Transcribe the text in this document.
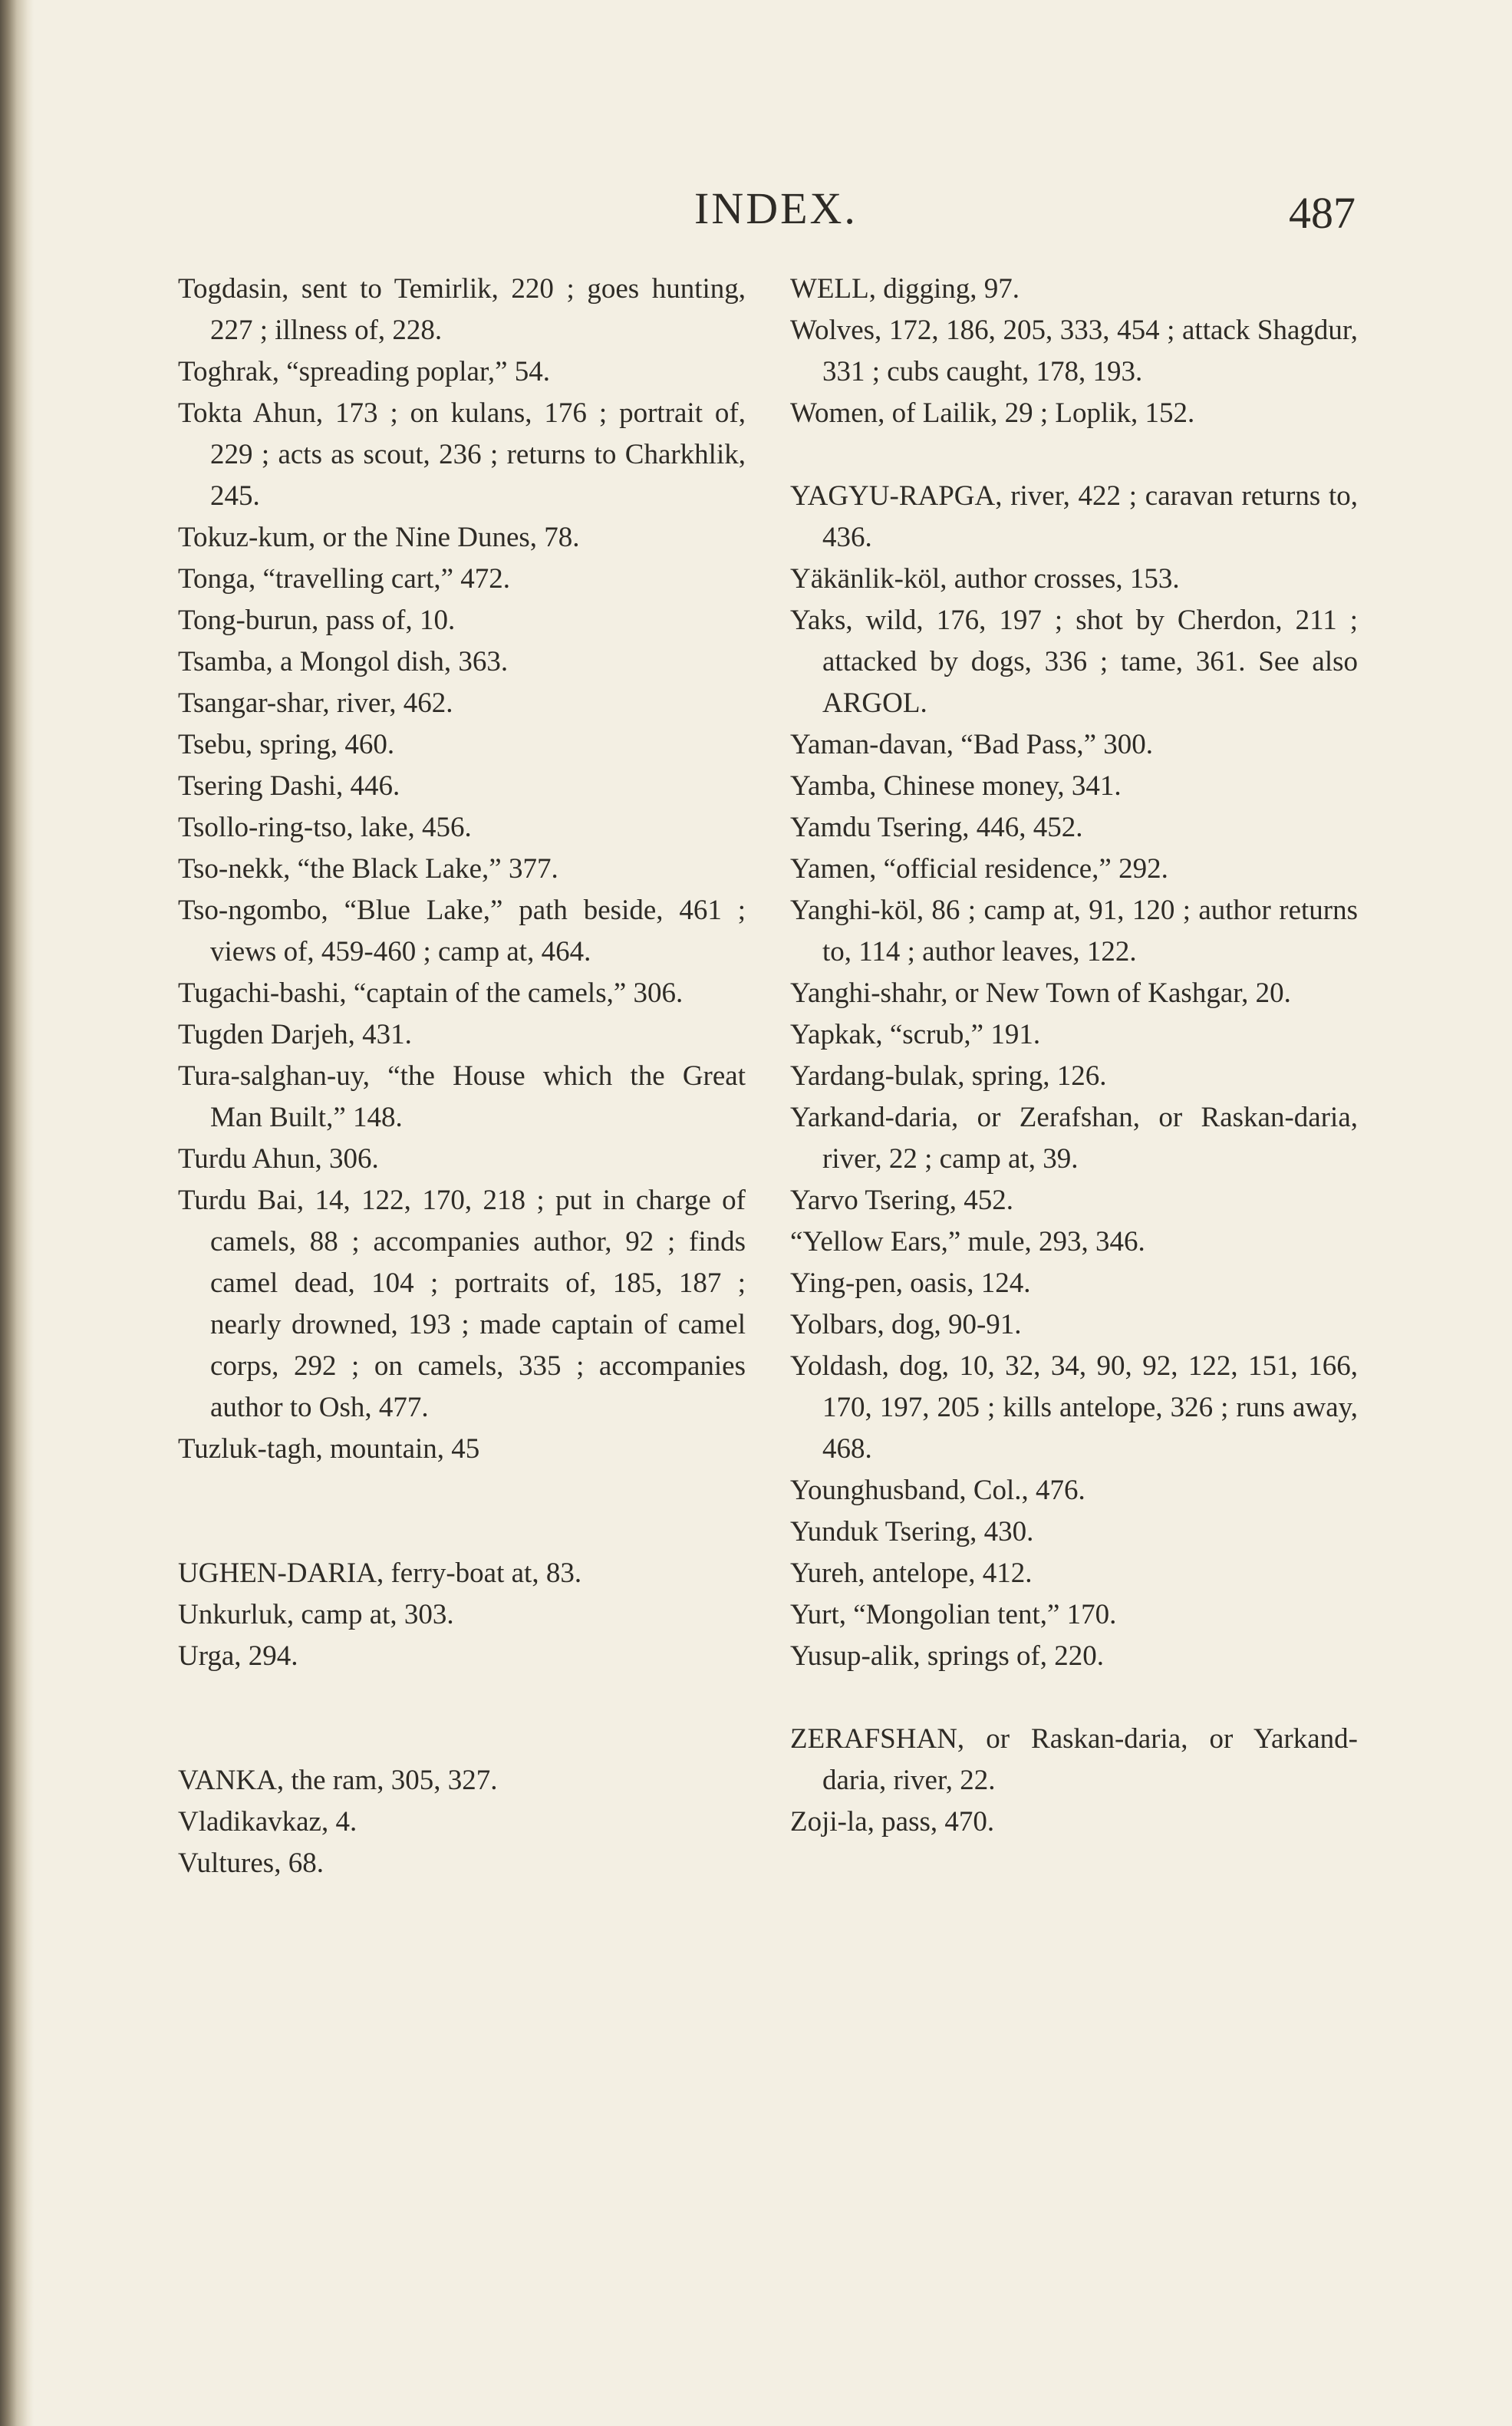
INDEX.	487
Togdasin, sent to Temirlik, 220 ; goes hunting, 227 ; illness of, 228.
Toghrak, “spreading poplar,” 54.
Tokta Ahun, 173 ; on kulans, 176 ; portrait of, 229 ; acts as scout, 236 ; returns to Charkhlik, 245.
Tokuz-kum, or the Nine Dunes, 78.
Tonga, “travelling cart,” 472.
Tong-burun, pass of, 10.
Tsamba, a Mongol dish, 363.
Tsangar-shar, river, 462.
Tsebu, spring, 460.
Tsering Dashi, 446.
Tsollo-ring-tso, lake, 456.
Tso-nekk, “the Black Lake,” 377.
Tso-ngombo, “Blue Lake,” path beside, 461 ; views of, 459-460 ; camp at, 464.
Tugachi-bashi, “captain of the camels,” 306.
Tugden Darjeh, 431.
Tura-salghan-uy, “the House which the Great Man Built,” 148.
Turdu Ahun, 306.
Turdu Bai, 14, 122, 170, 218 ; put in charge of camels, 88 ; accompanies author, 92 ; finds camel dead, 104 ; portraits of, 185, 187 ; nearly drowned, 193 ; made captain of camel corps, 292 ; on camels, 335 ; accompanies author to Osh, 477.
Tuzluk-tagh, mountain, 45
UGHEN-DARIA, ferry-boat at, 83.
Unkurluk, camp at, 303.
Urga, 294.
VANKA, the ram, 305, 327.
Vladikavkaz, 4.
Vultures, 68.
WELL, digging, 97.
Wolves, 172, 186, 205, 333, 454 ; attack Shagdur, 331 ; cubs caught, 178, 193.
Women, of Lailik, 29 ; Loplik, 152.
YAGYU-RAPGA, river, 422 ; caravan returns to, 436.
Yäkänlik-köl, author crosses, 153.
Yaks, wild, 176, 197 ; shot by Cherdon, 211 ; attacked by dogs, 336 ; tame, 361. See also ARGOL.
Yaman-davan, “Bad Pass,” 300.
Yamba, Chinese money, 341.
Yamdu Tsering, 446, 452.
Yamen, “official residence,” 292.
Yanghi-köl, 86 ; camp at, 91, 120 ; author returns to, 114 ; author leaves, 122.
Yanghi-shahr, or New Town of Kashgar, 20.
Yapkak, “scrub,” 191.
Yardang-bulak, spring, 126.
Yarkand-daria, or Zerafshan, or Raskan-daria, river, 22 ; camp at, 39.
Yarvo Tsering, 452.
“Yellow Ears,” mule, 293, 346.
Ying-pen, oasis, 124.
Yolbars, dog, 90-91.
Yoldash, dog, 10, 32, 34, 90, 92, 122, 151, 166, 170, 197, 205 ; kills antelope, 326 ; runs away, 468.
Younghusband, Col., 476.
Yunduk Tsering, 430.
Yureh, antelope, 412.
Yurt, “Mongolian tent,” 170.
Yusup-alik, springs of, 220.
ZERAFSHAN, or Raskan-daria, or Yarkand-daria, river, 22.
Zoji-la, pass, 470.
